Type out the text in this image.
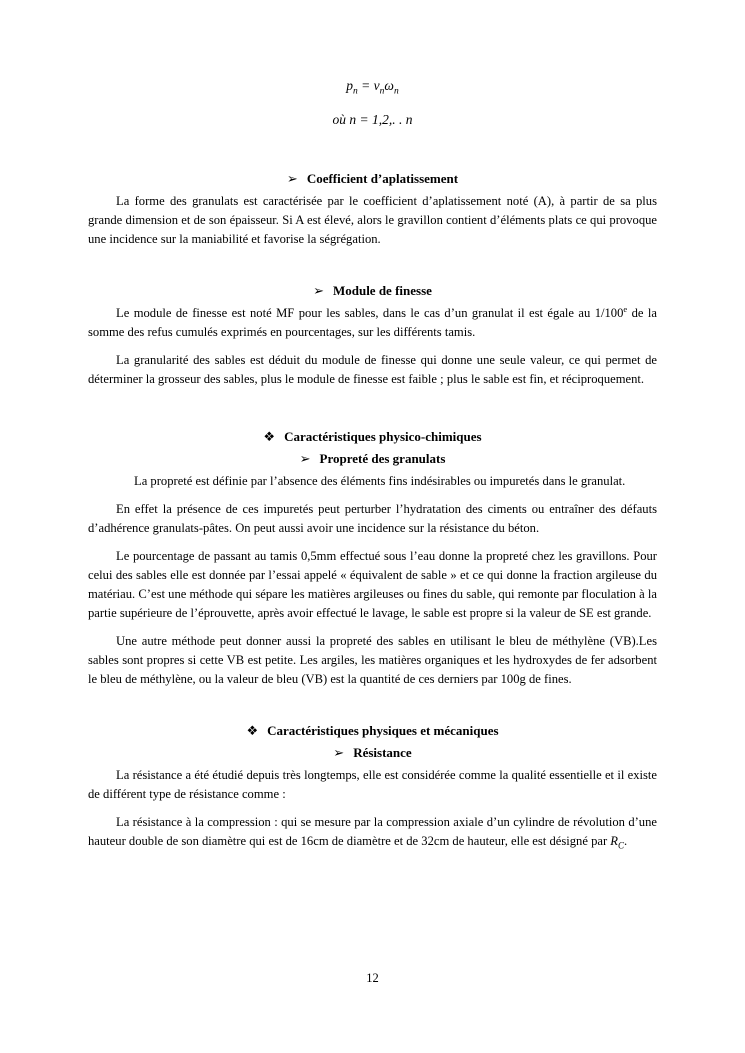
$p_n = v_n\omega_n$
où n = 1,2,. . n
➢ Coefficient d’aplatissement

La forme des granulats est caractérisée par le coefficient d’aplatissement noté (A), à partir de sa plus grande dimension et de son épaisseur. Si A est élevé, alors le gravillon contient d’éléments plats ce qui provoque une incidence sur la maniabilité et favorise la ségrégation.

➢ Module de finesse

Le module de finesse est noté MF pour les sables, dans le cas d’un granulat il est égale au 1/100e de la somme des refus cumulés exprimés en pourcentages, sur les différents tamis.

La granularité des sables est déduit du module de finesse qui donne une seule valeur, ce qui permet de déterminer la grosseur des sables, plus le module de finesse est faible ; plus le sable est fin, et réciproquement.

❖ Caractéristiques physico-chimiques
➢ Propreté des granulats

La propreté est définie par l’absence des éléments fins indésirables ou impuretés dans le granulat.

En effet la présence de ces impuretés peut perturber l’hydratation des ciments ou entraîner des défauts d’adhérence granulats-pâtes. On peut aussi avoir une incidence sur la résistance du béton.

Le pourcentage de passant au tamis 0,5mm effectué sous l’eau donne la propreté chez les gravillons. Pour celui des sables elle est donnée par l’essai appelé « équivalent de sable » et ce qui donne la fraction argileuse du matériau. C’est une méthode qui sépare les matières argileuses ou fines du sable, qui remonte par floculation à la partie supérieure de l’éprouvette, après avoir effectué le lavage, le sable est propre si la valeur de SE est grande.

Une autre méthode peut donner aussi la propreté des sables en utilisant le bleu de méthylène (VB).Les sables sont propres si cette VB est petite. Les argiles, les matières organiques et les hydroxydes de fer adsorbent le bleu de méthylène, ou la valeur de bleu (VB) est la quantité de ces derniers par 100g de fines.

❖ Caractéristiques physiques et mécaniques
➢ Résistance

La résistance a été étudié depuis très longtemps, elle est considérée comme la qualité essentielle et il existe de différent type de résistance comme :

La résistance à la compression : qui se mesure par la compression axiale d’un cylindre de révolution d’une hauteur double de son diamètre qui est de 16cm de diamètre et de 32cm de hauteur, elle est désigné par $R_C$.

12
